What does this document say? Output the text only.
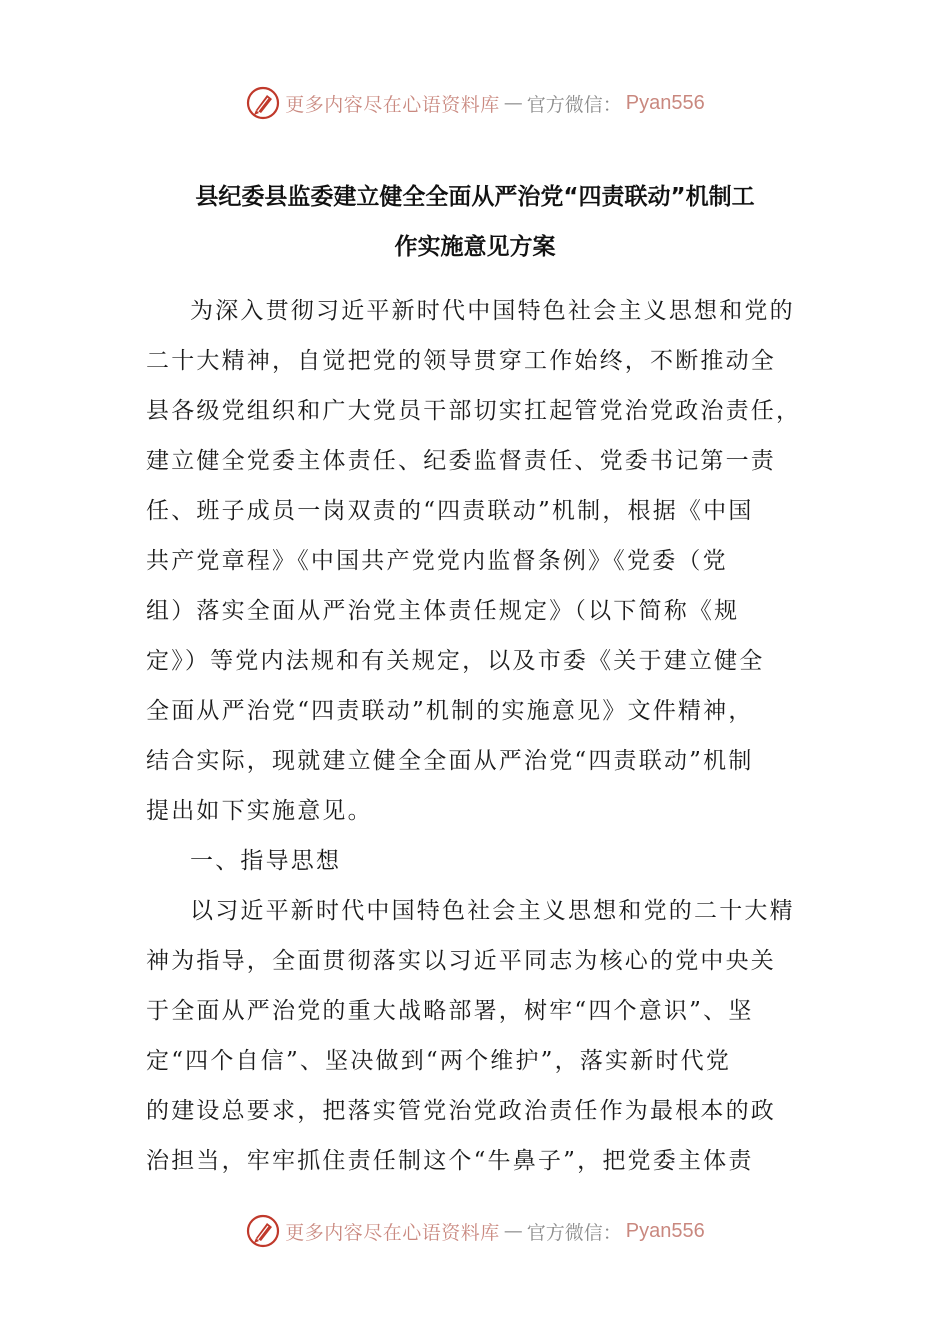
更多内容尽在心语资料库 — 官方微信： Pyan556
县纪委县监委建立健全全面从严治党“四责联动”机制工
作实施意见方案
为深入贯彻习近平新时代中国特色社会主义思想和党的
二十大精神，自觉把党的领导贯穿工作始终，不断推动全
县各级党组织和广大党员干部切实扛起管党治党政治责任，
建立健全党委主体责任、纪委监督责任、党委书记第一责
任、班子成员一岗双责的“四责联动”机制，根据《中国
共产党章程》《中国共产党党内监督条例》《党委（党
组）落实全面从严治党主体责任规定》（以下简称《规
定》）等党内法规和有关规定，以及市委《关于建立健全
全面从严治党“四责联动”机制的实施意见》文件精神，
结合实际，现就建立健全全面从严治党“四责联动”机制
提出如下实施意见。
一、指导思想
以习近平新时代中国特色社会主义思想和党的二十大精
神为指导，全面贯彻落实以习近平同志为核心的党中央关
于全面从严治党的重大战略部署，树牢“四个意识”、坚
定“四个自信”、坚决做到“两个维护”，落实新时代党
的建设总要求，把落实管党治党政治责任作为最根本的政
治担当，牢牢抓住责任制这个“牛鼻子”，把党委主体责
更多内容尽在心语资料库 — 官方微信： Pyan556
